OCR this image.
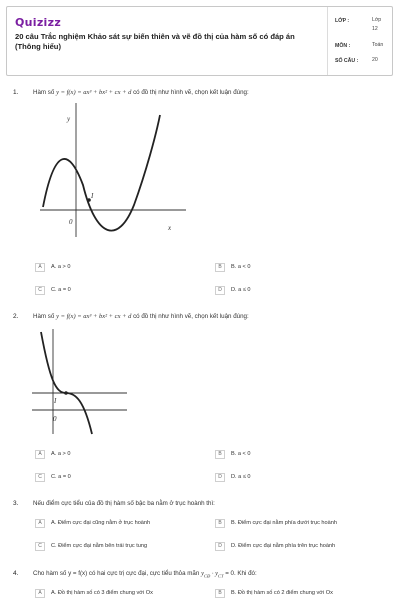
Quizizz
20 câu Trắc nghiệm Khảo sát sự biến thiên và vẽ đồ thị của hàm số có đáp án (Thông hiểu)
LỚP :	Lớp
12
MÔN :	Toán
SỐ CÂU :	20
1. Hàm số y = f(x) = ax³ + bx² + cx + d có đồ thị như hình vẽ, chọn kết luận đúng:
y
x
0
I
A	A. a > 0	B	B. a < 0
C	C. a = 0	D	D. a ≤ 0
2. Hàm số y = f(x) = ax³ + bx² + cx + d có đồ thị như hình vẽ, chọn kết luận đúng:
I
0
A	A. a > 0	B	B. a < 0
C	C. a = 0	D	D. a ≤ 0
3. Nếu điểm cực tiểu của đồ thị hàm số bậc ba nằm ở trục hoành thì:
A	A. Điểm cực đại cũng nằm ở trục hoành	B	B. Điểm cực đại nằm phía dưới trục hoành
C	C. Điểm cực đại nằm bên trái trục tung	D	D. Điểm cực đại nằm phía trên trục hoành
4. Cho hàm số y = f(x) có hai cực trị cực đại, cực tiểu thỏa mãn $y_{CĐ} \cdot y_{CT} = 0$. Khi đó:
A	A. Đồ thị hàm số có 3 điểm chung với Ox	B	B. Đồ thị hàm số có 2 điểm chung với Ox
